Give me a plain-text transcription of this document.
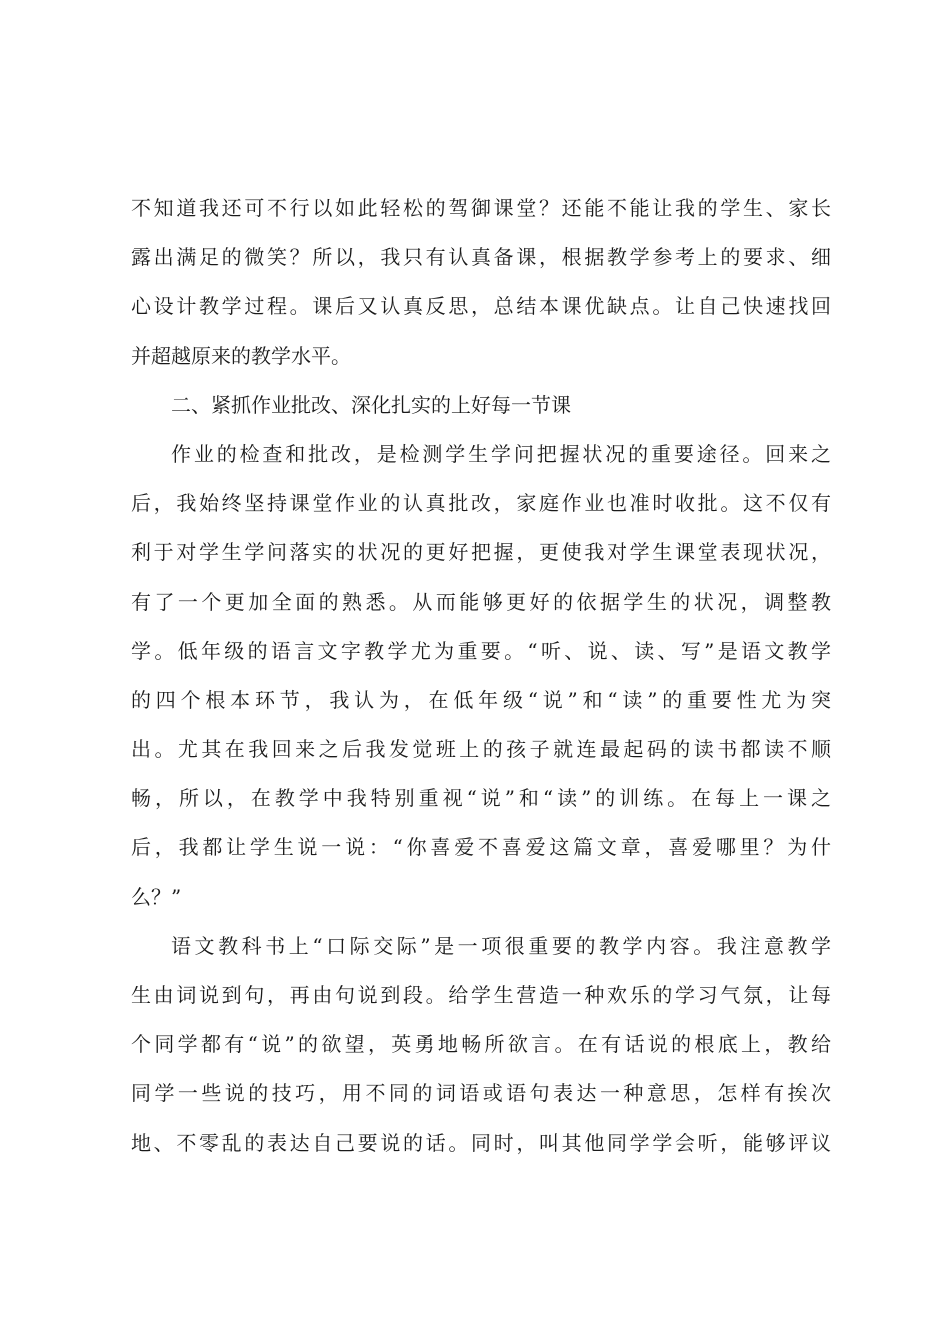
不知道我还可不行以如此轻松的驾御课堂？还能不能让我的学生、家长
露出满足的微笑？所以，我只有认真备课，根据教学参考上的要求、细
心设计教学过程。课后又认真反思，总结本课优缺点。让自己快速找回
并超越原来的教学水平。
二、紧抓作业批改、深化扎实的上好每一节课
作业的检查和批改，是检测学生学问把握状况的重要途径。回来之
后，我始终坚持课堂作业的认真批改，家庭作业也准时收批。这不仅有
利于对学生学问落实的状况的更好把握，更使我对学生课堂表现状况，
有了一个更加全面的熟悉。从而能够更好的依据学生的状况，调整教
学。低年级的语言文字教学尤为重要。“听、说、读、写”是语文教学
的四个根本环节，我认为，在低年级“说”和“读”的重要性尤为突
出。尤其在我回来之后我发觉班上的孩子就连最起码的读书都读不顺
畅，所以，在教学中我特别重视“说”和“读”的训练。在每上一课之
后，我都让学生说一说：“你喜爱不喜爱这篇文章，喜爱哪里？为什
么？”
语文教科书上“口际交际”是一项很重要的教学内容。我注意教学
生由词说到句，再由句说到段。给学生营造一种欢乐的学习气氛，让每
个同学都有“说”的欲望，英勇地畅所欲言。在有话说的根底上，教给
同学一些说的技巧，用不同的词语或语句表达一种意思，怎样有挨次
地、不零乱的表达自己要说的话。同时，叫其他同学学会听，能够评议
